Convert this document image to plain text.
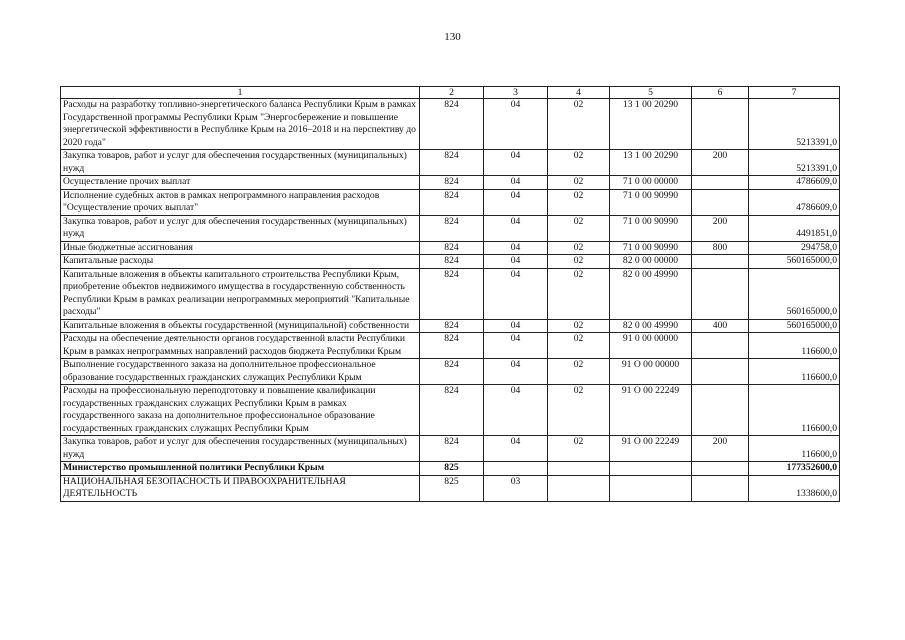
130
1	2	3	4	5	6	7
Расходы на разработку топливно-энергетического баланса Республики Крым в рамках Государственной программы Республики Крым "Энергосбережение и повышение энергетической эффективности в Республике Крым на 2016–2018 и на перспективу до 2020 года"	824	04	02	13 1 00 20290		5213391,0
Закупка товаров, работ и услуг для обеспечения государственных (муниципальных) нужд	824	04	02	13 1 00 20290	200	5213391,0
Осуществление прочих выплат	824	04	02	71 0 00 00000		4786609,0
Исполнение судебных актов в рамках непрограммного направления расходов "Осуществление прочих выплат"	824	04	02	71 0 00 90990		4786609,0
Закупка товаров, работ и услуг для обеспечения государственных (муниципальных) нужд	824	04	02	71 0 00 90990	200	4491851,0
Иные бюджетные ассигнования	824	04	02	71 0 00 90990	800	294758,0
Капитальные расходы	824	04	02	82 0 00 00000		560165000,0
Капитальные вложения в объекты капитального строительства Республики Крым, приобретение объектов недвижимого имущества в государственную собственность Республики Крым в рамках реализации непрограммных мероприятий "Капитальные расходы"	824	04	02	82 0 00 49990		560165000,0
Капитальные вложения в объекты государственной (муниципальной) собственности	824	04	02	82 0 00 49990	400	560165000,0
Расходы на обеспечение деятельности органов государственной власти Республики Крым в рамках непрограммных направлений расходов бюджета Республики Крым	824	04	02	91 0 00 00000		116600,0
Выполнение государственного заказа на дополнительное профессиональное образование государственных гражданских служащих Республики Крым	824	04	02	91 О 00 00000		116600,0
Расходы на профессиональную переподготовку и повышение квалификации государственных гражданских служащих Республики Крым в рамках государственного заказа на дополнительное профессиональное образование государственных гражданских служащих Республики Крым	824	04	02	91 О 00 22249		116600,0
Закупка товаров, работ и услуг для обеспечения государственных (муниципальных) нужд	824	04	02	91 О 00 22249	200	116600,0
Министерство промышленной политики Республики Крым	825					177352600,0
НАЦИОНАЛЬНАЯ БЕЗОПАСНОСТЬ И ПРАВООХРАНИТЕЛЬНАЯ ДЕЯТЕЛЬНОСТЬ	825	03				1338600,0
